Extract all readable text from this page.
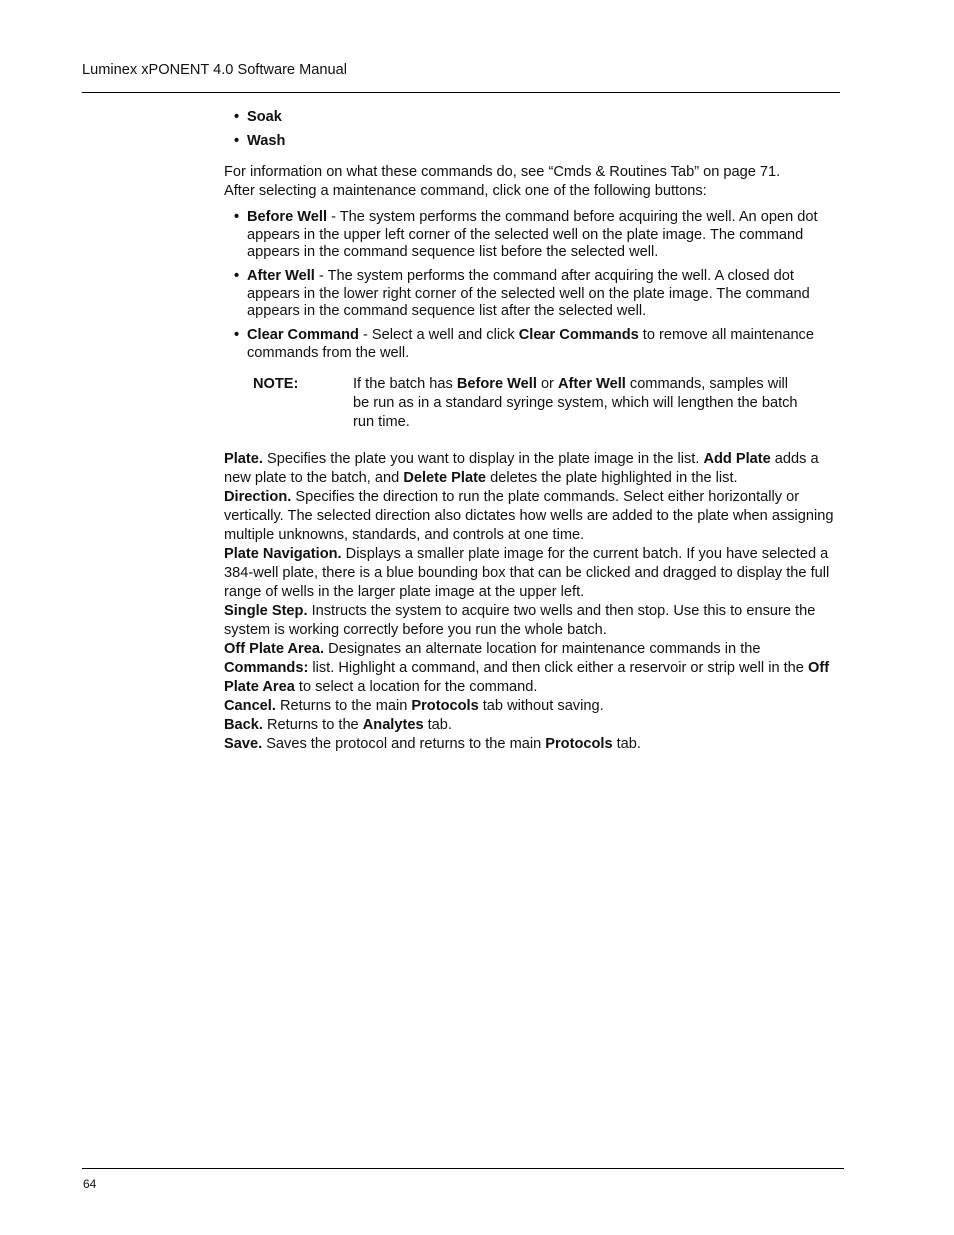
Luminex xPONENT 4.0 Software Manual
• Soak
• Wash

For information on what these commands do, see “Cmds & Routines Tab” on page 71.

After selecting a maintenance command, click one of the following buttons:

• Before Well - The system performs the command before acquiring the well. An open dot appears in the upper left corner of the selected well on the plate image. The command appears in the command sequence list before the selected well.
• After Well - The system performs the command after acquiring the well. A closed dot appears in the lower right corner of the selected well on the plate image. The command appears in the command sequence list after the selected well.
• Clear Command - Select a well and click Clear Commands to remove all maintenance commands from the well.
NOTE:	If the batch has Before Well or After Well commands, samples will be run as in a standard syringe system, which will lengthen the batch run time.

Plate. Specifies the plate you want to display in the plate image in the list. Add Plate adds a new plate to the batch, and Delete Plate deletes the plate highlighted in the list.

Direction. Specifies the direction to run the plate commands. Select either horizontally or vertically. The selected direction also dictates how wells are added to the plate when assigning multiple unknowns, standards, and controls at one time.

Plate Navigation. Displays a smaller plate image for the current batch. If you have selected a 384-well plate, there is a blue bounding box that can be clicked and dragged to display the full range of wells in the larger plate image at the upper left.

Single Step. Instructs the system to acquire two wells and then stop. Use this to ensure the system is working correctly before you run the whole batch.

Off Plate Area. Designates an alternate location for maintenance commands in the Commands: list. Highlight a command, and then click either a reservoir or strip well in the Off Plate Area to select a location for the command.

Cancel. Returns to the main Protocols tab without saving.

Back. Returns to the Analytes tab.

Save. Saves the protocol and returns to the main Protocols tab.

64
